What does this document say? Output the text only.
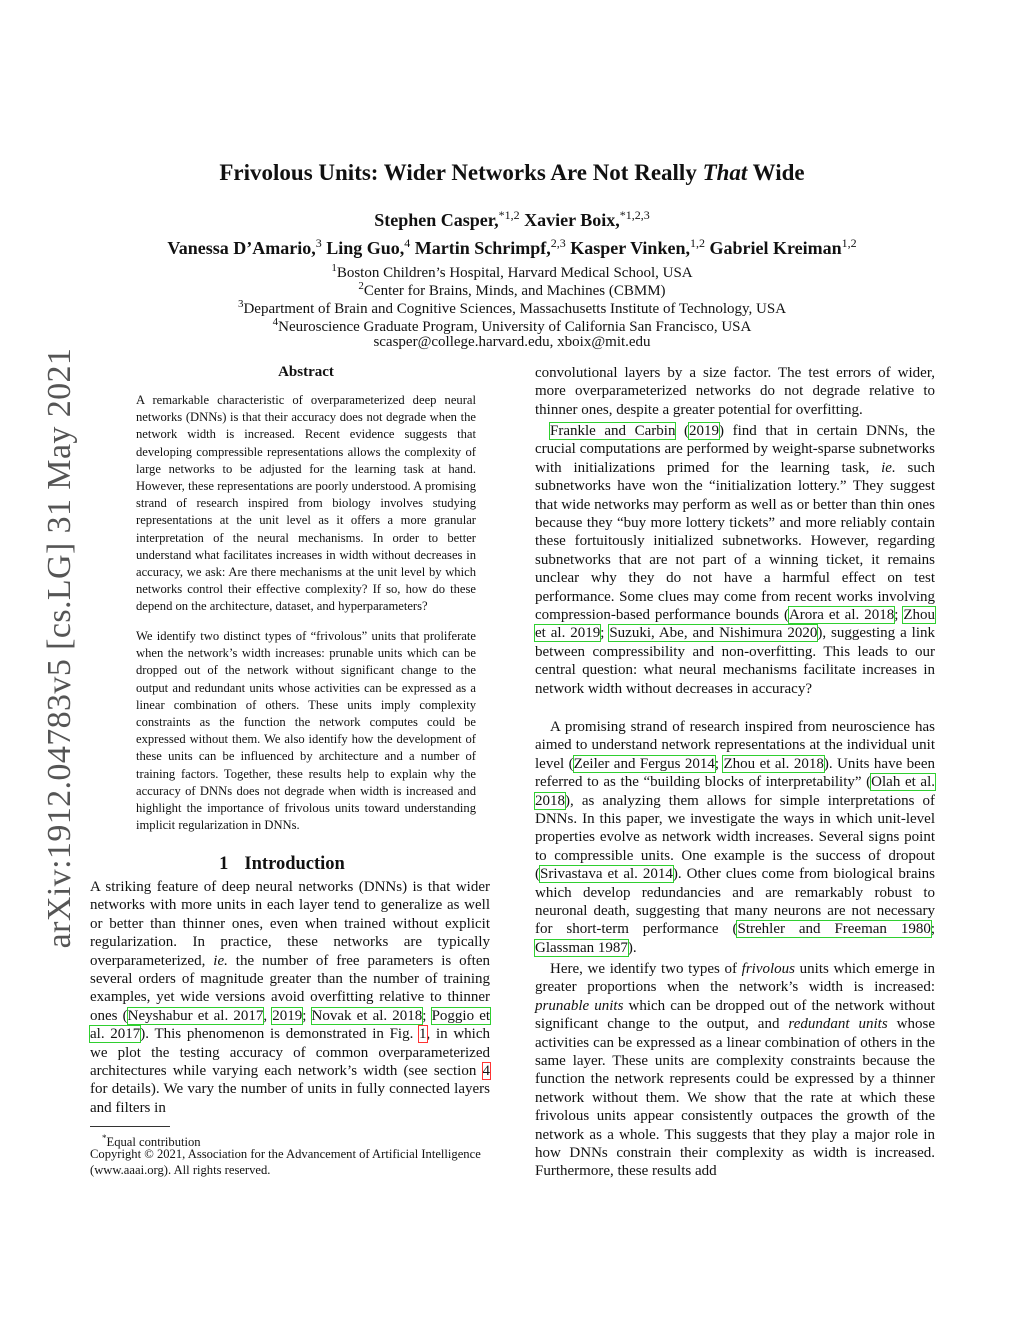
arXiv:1912.04783v5 [cs.LG] 31 May 2021
Frivolous Units: Wider Networks Are Not Really That Wide
Stephen Casper,$^{*1,2}$ Xavier Boix,$^{*1,2,3}$
Vanessa D’Amario,$^3$ Ling Guo,$^4$ Martin Schrimpf,$^{2,3}$ Kasper Vinken,$^{1,2}$ Gabriel Kreiman$^{1,2}$
$^1$Boston Children’s Hospital, Harvard Medical School, USA
$^2$Center for Brains, Minds, and Machines (CBMM)
$^3$Department of Brain and Cognitive Sciences, Massachusetts Institute of Technology, USA
$^4$Neuroscience Graduate Program, University of California San Francisco, USA
scasper@college.harvard.edu, xboix@mit.edu
Abstract

A remarkable characteristic of overparameterized deep neural networks (DNNs) is that their accuracy does not degrade when the network width is increased. Recent evidence suggests that developing compressible representations allows the complexity of large networks to be adjusted for the learning task at hand. However, these representations are poorly understood. A promising strand of research inspired from biology involves studying representations at the unit level as it offers a more granular interpretation of the neural mechanisms. In order to better understand what facilitates increases in width without decreases in accuracy, we ask: Are there mechanisms at the unit level by which networks control their effective complexity? If so, how do these depend on the architecture, dataset, and hyperparameters?

We identify two distinct types of “frivolous” units that proliferate when the network’s width increases: prunable units which can be dropped out of the network without significant change to the output and redundant units whose activities can be expressed as a linear combination of others. These units imply complexity constraints as the function the network computes could be expressed without them. We also identify how the development of these units can be influenced by architecture and a number of training factors. Together, these results help to explain why the accuracy of DNNs does not degrade when width is increased and highlight the importance of frivolous units toward understanding implicit regularization in DNNs.

1 Introduction

A striking feature of deep neural networks (DNNs) is that wider networks with more units in each layer tend to generalize as well or better than thinner ones, even when trained without explicit regularization. In practice, these networks are typically overparameterized, ie. the number of free parameters is often several orders of magnitude greater than the number of training examples, yet wide versions avoid overfitting relative to thinner ones (Neyshabur et al. 2017, 2019; Novak et al. 2018; Poggio et al. 2017). This phenomenon is demonstrated in Fig. 1, in which we plot the testing accuracy of common overparameterized architectures while varying each network’s width (see section 4 for details). We vary the number of units in fully connected layers and filters in

*Equal contribution

Copyright © 2021, Association for the Advancement of Artificial Intelligence (www.aaai.org). All rights reserved.

convolutional layers by a size factor. The test errors of wider, more overparameterized networks do not degrade relative to thinner ones, despite a greater potential for overfitting.

Frankle and Carbin (2019) find that in certain DNNs, the crucial computations are performed by weight-sparse subnetworks with initializations primed for the learning task, ie. such subnetworks have won the “initialization lottery.” They suggest that wide networks may perform as well as or better than thin ones because they “buy more lottery tickets” and more reliably contain these fortuitously initialized subnetworks. However, regarding subnetworks that are not part of a winning ticket, it remains unclear why they do not have a harmful effect on test performance. Some clues may come from recent works involving compression-based performance bounds (Arora et al. 2018; Zhou et al. 2019; Suzuki, Abe, and Nishimura 2020), suggesting a link between compressibility and non-overfitting. This leads to our central question: what neural mechanisms facilitate increases in network width without decreases in accuracy?

A promising strand of research inspired from neuroscience has aimed to understand network representations at the individual unit level (Zeiler and Fergus 2014; Zhou et al. 2018). Units have been referred to as the “building blocks of interpretability” (Olah et al. 2018), as analyzing them allows for simple interpretations of DNNs. In this paper, we investigate the ways in which unit-level properties evolve as network width increases. Several signs point to compressible units. One example is the success of dropout (Srivastava et al. 2014). Other clues come from biological brains which develop redundancies and are remarkably robust to neuronal death, suggesting that many neurons are not necessary for short-term performance (Strehler and Freeman 1980; Glassman 1987).

Here, we identify two types of frivolous units which emerge in greater proportions when the network’s width is increased: prunable units which can be dropped out of the network without significant change to the output, and redundant units whose activities can be expressed as a linear combination of others in the same layer. These units are complexity constraints because the function the network represents could be expressed by a thinner network without them. We show that the rate at which these frivolous units appear consistently outpaces the growth of the network as a whole. This suggests that they play a major role in how DNNs constrain their complexity as width is increased. Furthermore, these results add
